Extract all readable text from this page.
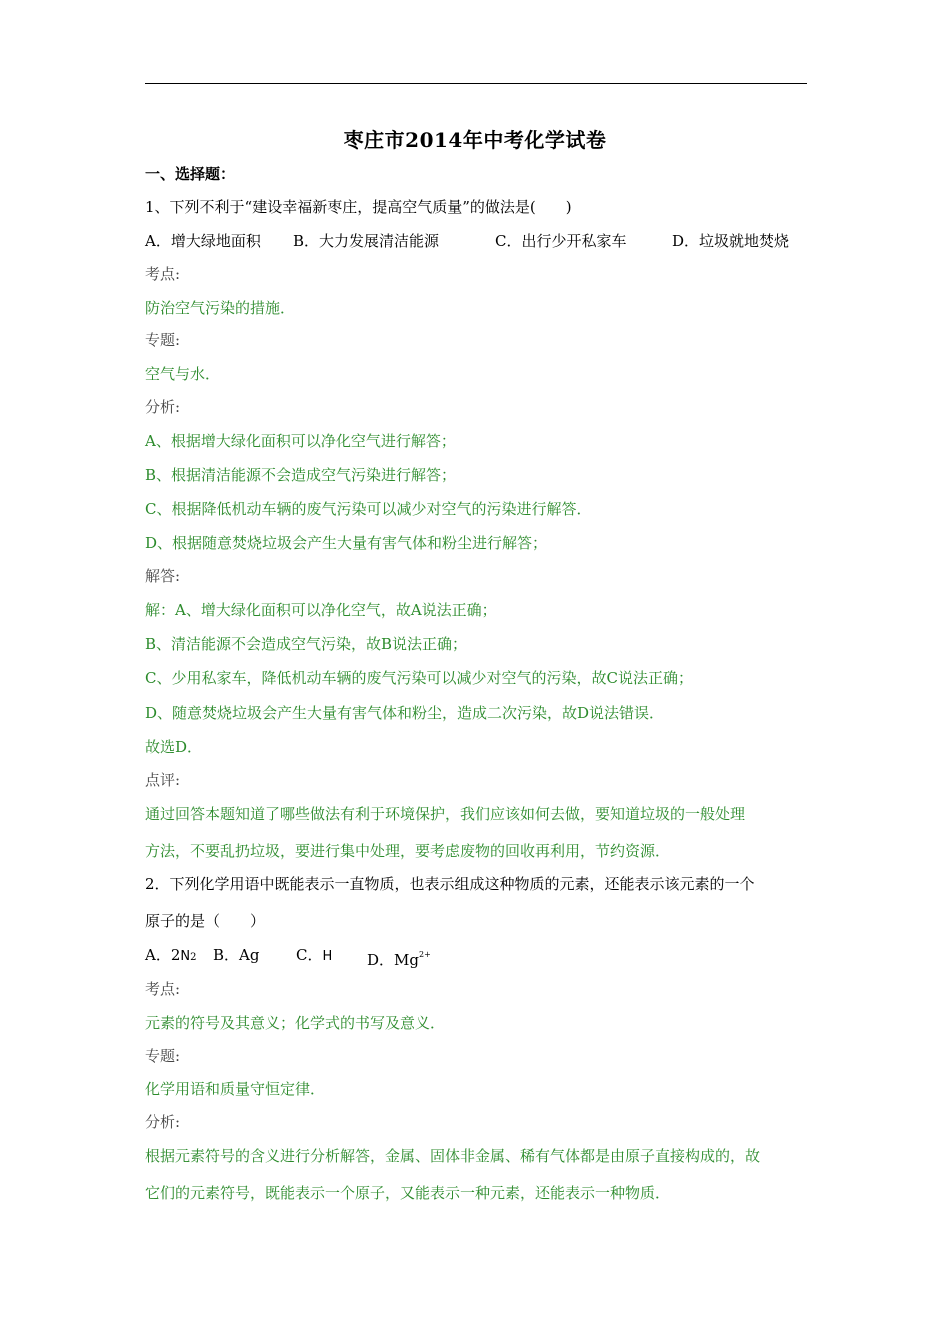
枣庄市2014年中考化学试卷
一、选择题：
1、下列不利于“建设幸福新枣庄，提高空气质量”的做法是(　　)
A．增大绿地面积 B．大力发展清洁能源	C．出行少开私家车	D．垃圾就地焚烧
考点:
防治空气污染的措施．
专题:
空气与水．
分析:
A、根据增大绿化面积可以净化空气进行解答；
B、根据清洁能源不会造成空气污染进行解答；
C、根据降低机动车辆的废气污染可以减少对空气的污染进行解答．
D、根据随意焚烧垃圾会产生大量有害气体和粉尘进行解答；
解答:
解：A、增大绿化面积可以净化空气，故A说法正确；
B、清洁能源不会造成空气污染，故B说法正确；
C、少用私家车，降低机动车辆的废气污染可以减少对空气的污染，故C说法正确；
D、随意焚烧垃圾会产生大量有害气体和粉尘，造成二次污染，故D说法错误．
故选D．
点评:
通过回答本题知道了哪些做法有利于环境保护，我们应该如何去做，要知道垃圾的一般处理
方法，不要乱扔垃圾，要进行集中处理，要考虑废物的回收再利用，节约资源．
2．下列化学用语中既能表示一直物质，也表示组成这种物质的元素，还能表示该元素的一个
原子的是（　　）
A．2N2 B．Ag C．H D．$Mg^{2+}$
考点:
元素的符号及其意义；化学式的书写及意义．
专题:
化学用语和质量守恒定律．
分析:
根据元素符号的含义进行分析解答，金属、固体非金属、稀有气体都是由原子直接构成的，故
它们的元素符号，既能表示一个原子，又能表示一种元素，还能表示一种物质．
